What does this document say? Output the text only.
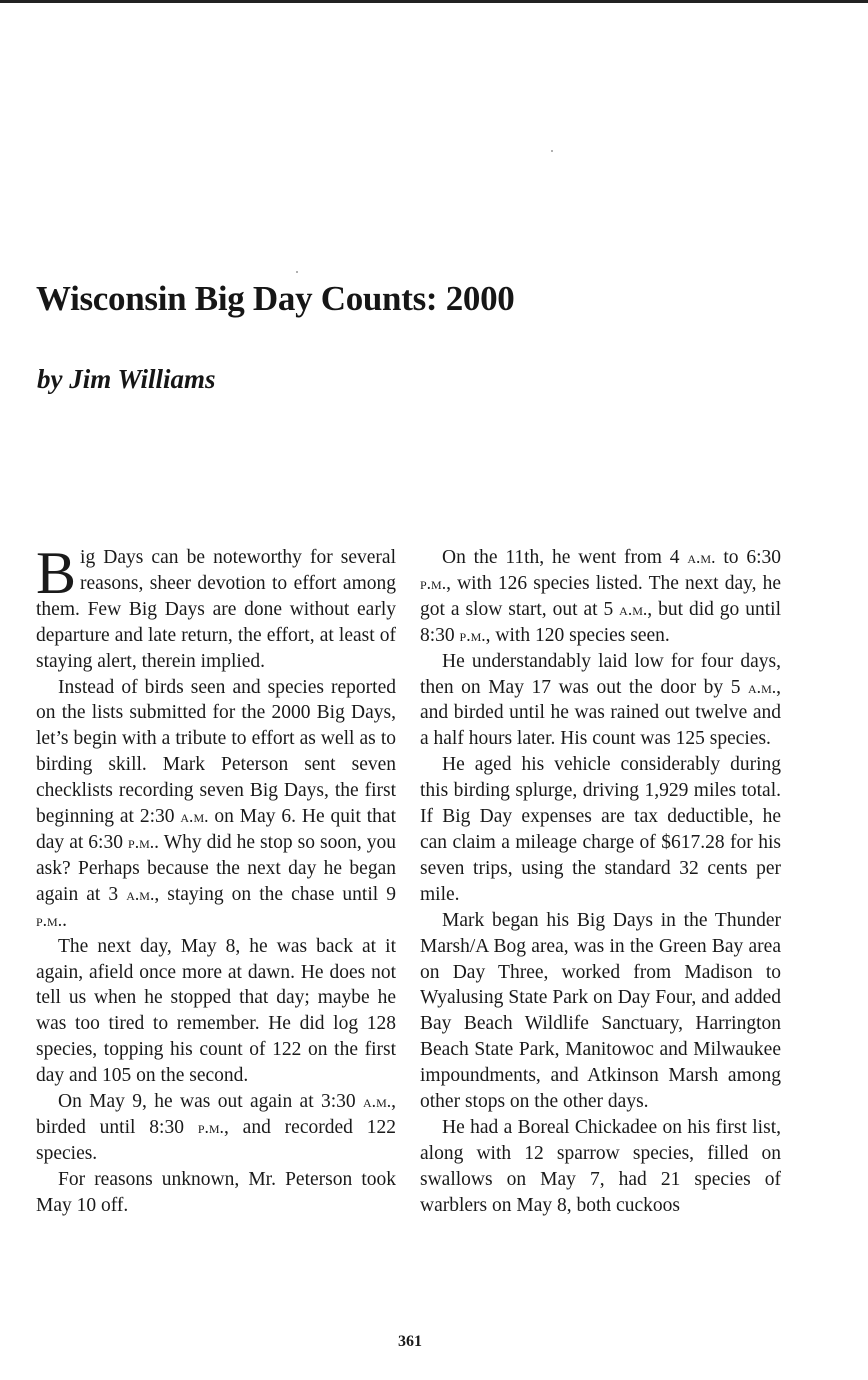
Wisconsin Big Day Counts: 2000
by Jim Williams

Big Days can be noteworthy for several reasons, sheer devotion to effort among them. Few Big Days are done without early departure and late return, the effort, at least of staying alert, therein implied.

Instead of birds seen and species reported on the lists submitted for the 2000 Big Days, let’s begin with a tribute to effort as well as to birding skill. Mark Peterson sent seven checklists recording seven Big Days, the first beginning at 2:30 a.m. on May 6. He quit that day at 6:30 p.m.. Why did he stop so soon, you ask? Perhaps because the next day he began again at 3 a.m., staying on the chase until 9 p.m..

The next day, May 8, he was back at it again, afield once more at dawn. He does not tell us when he stopped that day; maybe he was too tired to remember. He did log 128 species, topping his count of 122 on the first day and 105 on the second.

On May 9, he was out again at 3:30 a.m., birded until 8:30 p.m., and recorded 122 species.

For reasons unknown, Mr. Peterson took May 10 off.

On the 11th, he went from 4 a.m. to 6:30 p.m., with 126 species listed. The next day, he got a slow start, out at 5 a.m., but did go until 8:30 p.m., with 120 species seen.

He understandably laid low for four days, then on May 17 was out the door by 5 a.m., and birded until he was rained out twelve and a half hours later. His count was 125 species.

He aged his vehicle considerably during this birding splurge, driving 1,929 miles total. If Big Day expenses are tax deductible, he can claim a mileage charge of $617.28 for his seven trips, using the standard 32 cents per mile.

Mark began his Big Days in the Thunder Marsh/A Bog area, was in the Green Bay area on Day Three, worked from Madison to Wyalusing State Park on Day Four, and added Bay Beach Wildlife Sanctuary, Harrington Beach State Park, Manitowoc and Milwaukee impoundments, and Atkinson Marsh among other stops on the other days.

He had a Boreal Chickadee on his first list, along with 12 sparrow species, filled on swallows on May 7, had 21 species of warblers on May 8, both cuckoos

361
